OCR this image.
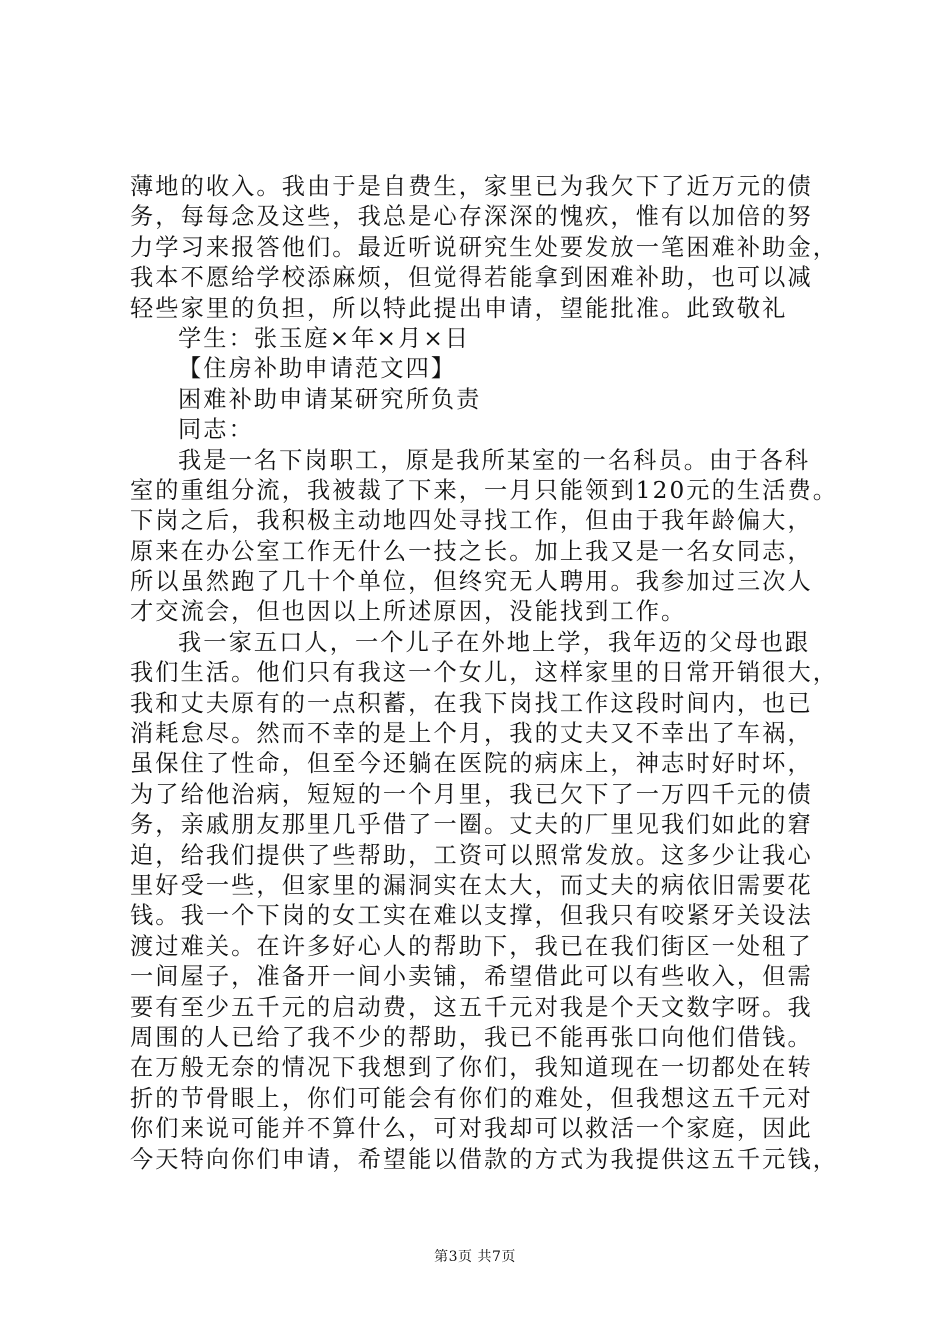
薄地的收入。我由于是自费生，家里已为我欠下了近万元的债
务，每每念及这些，我总是心存深深的愧疚，惟有以加倍的努
力学习来报答他们。最近听说研究生处要发放一笔困难补助金，
我本不愿给学校添麻烦，但觉得若能拿到困难补助，也可以减
轻些家里的负担，所以特此提出申请，望能批准。此致敬礼
学生：张玉庭×年×月×日
【住房补助申请范文四】
困难补助申请某研究所负责
同志：
我是一名下岗职工，原是我所某室的一名科员。由于各科
室的重组分流，我被裁了下来，一月只能领到120元的生活费。
下岗之后，我积极主动地四处寻找工作，但由于我年龄偏大，
原来在办公室工作无什么一技之长。加上我又是一名女同志，
所以虽然跑了几十个单位，但终究无人聘用。我参加过三次人
才交流会，但也因以上所述原因，没能找到工作。
我一家五口人，一个儿子在外地上学，我年迈的父母也跟
我们生活。他们只有我这一个女儿，这样家里的日常开销很大，
我和丈夫原有的一点积蓄，在我下岗找工作这段时间内，也已
消耗怠尽。然而不幸的是上个月，我的丈夫又不幸出了车祸，
虽保住了性命，但至今还躺在医院的病床上，神志时好时坏，
为了给他治病，短短的一个月里，我已欠下了一万四千元的债
务，亲戚朋友那里几乎借了一圈。丈夫的厂里见我们如此的窘
迫，给我们提供了些帮助，工资可以照常发放。这多少让我心
里好受一些，但家里的漏洞实在太大，而丈夫的病依旧需要花
钱。我一个下岗的女工实在难以支撑，但我只有咬紧牙关设法
渡过难关。在许多好心人的帮助下，我已在我们街区一处租了
一间屋子，准备开一间小卖铺，希望借此可以有些收入，但需
要有至少五千元的启动费，这五千元对我是个天文数字呀。我
周围的人已给了我不少的帮助，我已不能再张口向他们借钱。
在万般无奈的情况下我想到了你们，我知道现在一切都处在转
折的节骨眼上，你们可能会有你们的难处，但我想这五千元对
你们来说可能并不算什么，可对我却可以救活一个家庭，因此
今天特向你们申请，希望能以借款的方式为我提供这五千元钱，
第3页 共7页
